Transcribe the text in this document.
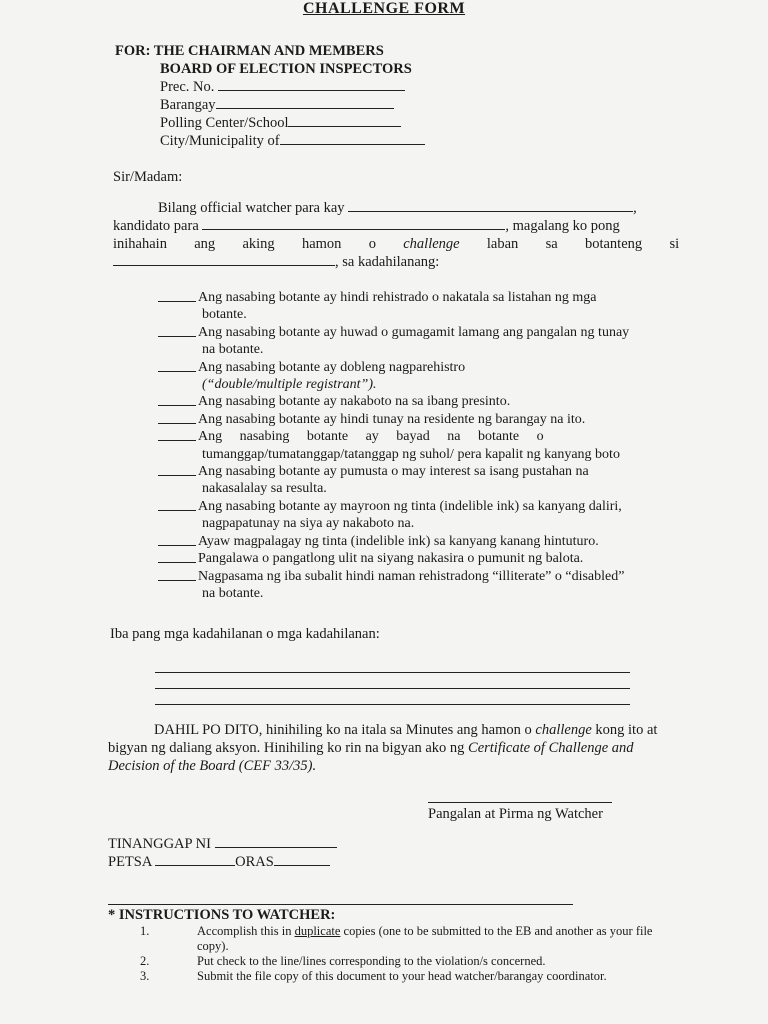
CHALLENGE FORM
FOR: THE CHAIRMAN AND MEMBERS
BOARD OF ELECTION INSPECTORS
Prec. No.
Barangay
Polling Center/School
City/Municipality of
Sir/Madam:
Bilang official watcher para kay	,
kandidato para	, magalang ko pong
inihahain ang aking hamon o challenge laban sa botanteng si
, sa kadahilanang:
Ang nasabing botante ay hindi rehistrado o nakatala sa listahan ng mga
botante.
Ang nasabing botante ay huwad o gumagamit lamang ang pangalan ng tunay
na botante.
Ang nasabing botante ay dobleng nagparehistro
(“double/multiple registrant”).
Ang nasabing botante ay nakaboto na sa ibang presinto.
Ang nasabing botante ay hindi tunay na residente ng barangay na ito.
Ang     nasabing     botante     ay     bayad     na     botante     o
tumanggap/tumatanggap/tatanggap ng suhol/ pera kapalit ng kanyang boto
Ang nasabing botante ay pumusta o may interest sa isang pustahan na
nakasalalay sa resulta.
Ang nasabing botante ay mayroon ng tinta (indelible ink) sa kanyang daliri,
nagpapatunay na siya ay nakaboto na.
Ayaw magpalagay ng tinta (indelible ink) sa kanyang kanang hintuturo.
Pangalawa o pangatlong ulit na siyang nakasira o pumunit ng balota.
Nagpasama ng iba subalit hindi naman rehistradong “illiterate” o “disabled”
na botante.
Iba pang mga kadahilanan o mga kadahilanan:
DAHIL PO DITO, hinihiling ko na itala sa Minutes ang hamon o challenge kong ito at bigyan ng daliang aksyon. Hinihiling ko rin na bigyan ako ng Certificate of Challenge and Decision of the Board (CEF 33/35).
Pangalan at Pirma ng Watcher
TINANGGAP NI
PETSA	ORAS
* INSTRUCTIONS TO WATCHER:
1.	Accomplish this in duplicate copies (one to be submitted to the EB and another as your file copy).
2.	Put check to the line/lines corresponding to the violation/s concerned.
3.	Submit the file copy of this document to your head watcher/barangay coordinator.
